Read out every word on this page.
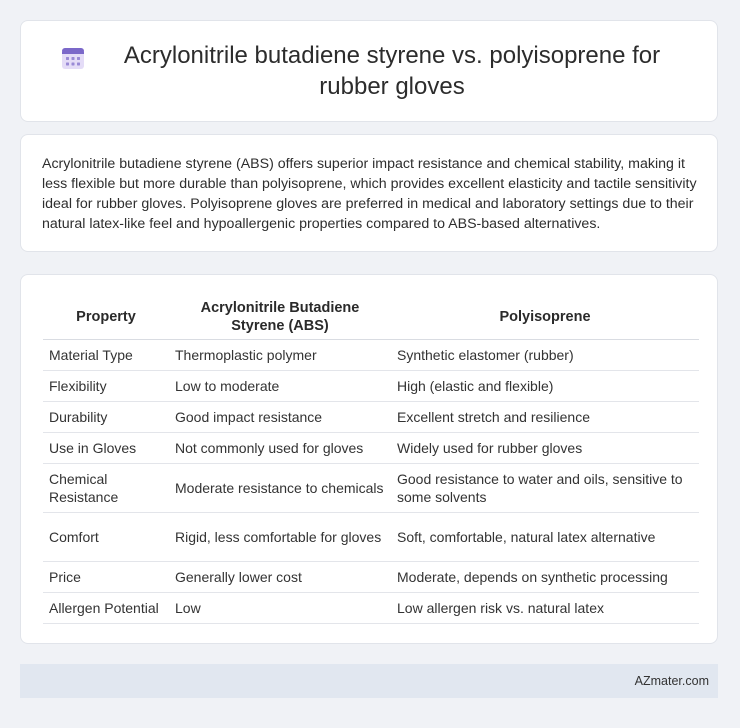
Acrylonitrile butadiene styrene vs. polyisoprene for rubber gloves

Acrylonitrile butadiene styrene (ABS) offers superior impact resistance and chemical stability, making it less flexible but more durable than polyisoprene, which provides excellent elasticity and tactile sensitivity ideal for rubber gloves. Polyisoprene gloves are preferred in medical and laboratory settings due to their natural latex-like feel and hypoallergenic properties compared to ABS-based alternatives.

Property	Acrylonitrile Butadiene Styrene (ABS)	Polyisoprene
Material Type	Thermoplastic polymer	Synthetic elastomer (rubber)
Flexibility	Low to moderate	High (elastic and flexible)
Durability	Good impact resistance	Excellent stretch and resilience
Use in Gloves	Not commonly used for gloves	Widely used for rubber gloves
Chemical Resistance	Moderate resistance to chemicals	Good resistance to water and oils, sensitive to some solvents
Comfort	Rigid, less comfortable for gloves	Soft, comfortable, natural latex alternative
Price	Generally lower cost	Moderate, depends on synthetic processing
Allergen Potential	Low	Low allergen risk vs. natural latex
AZmater.com
